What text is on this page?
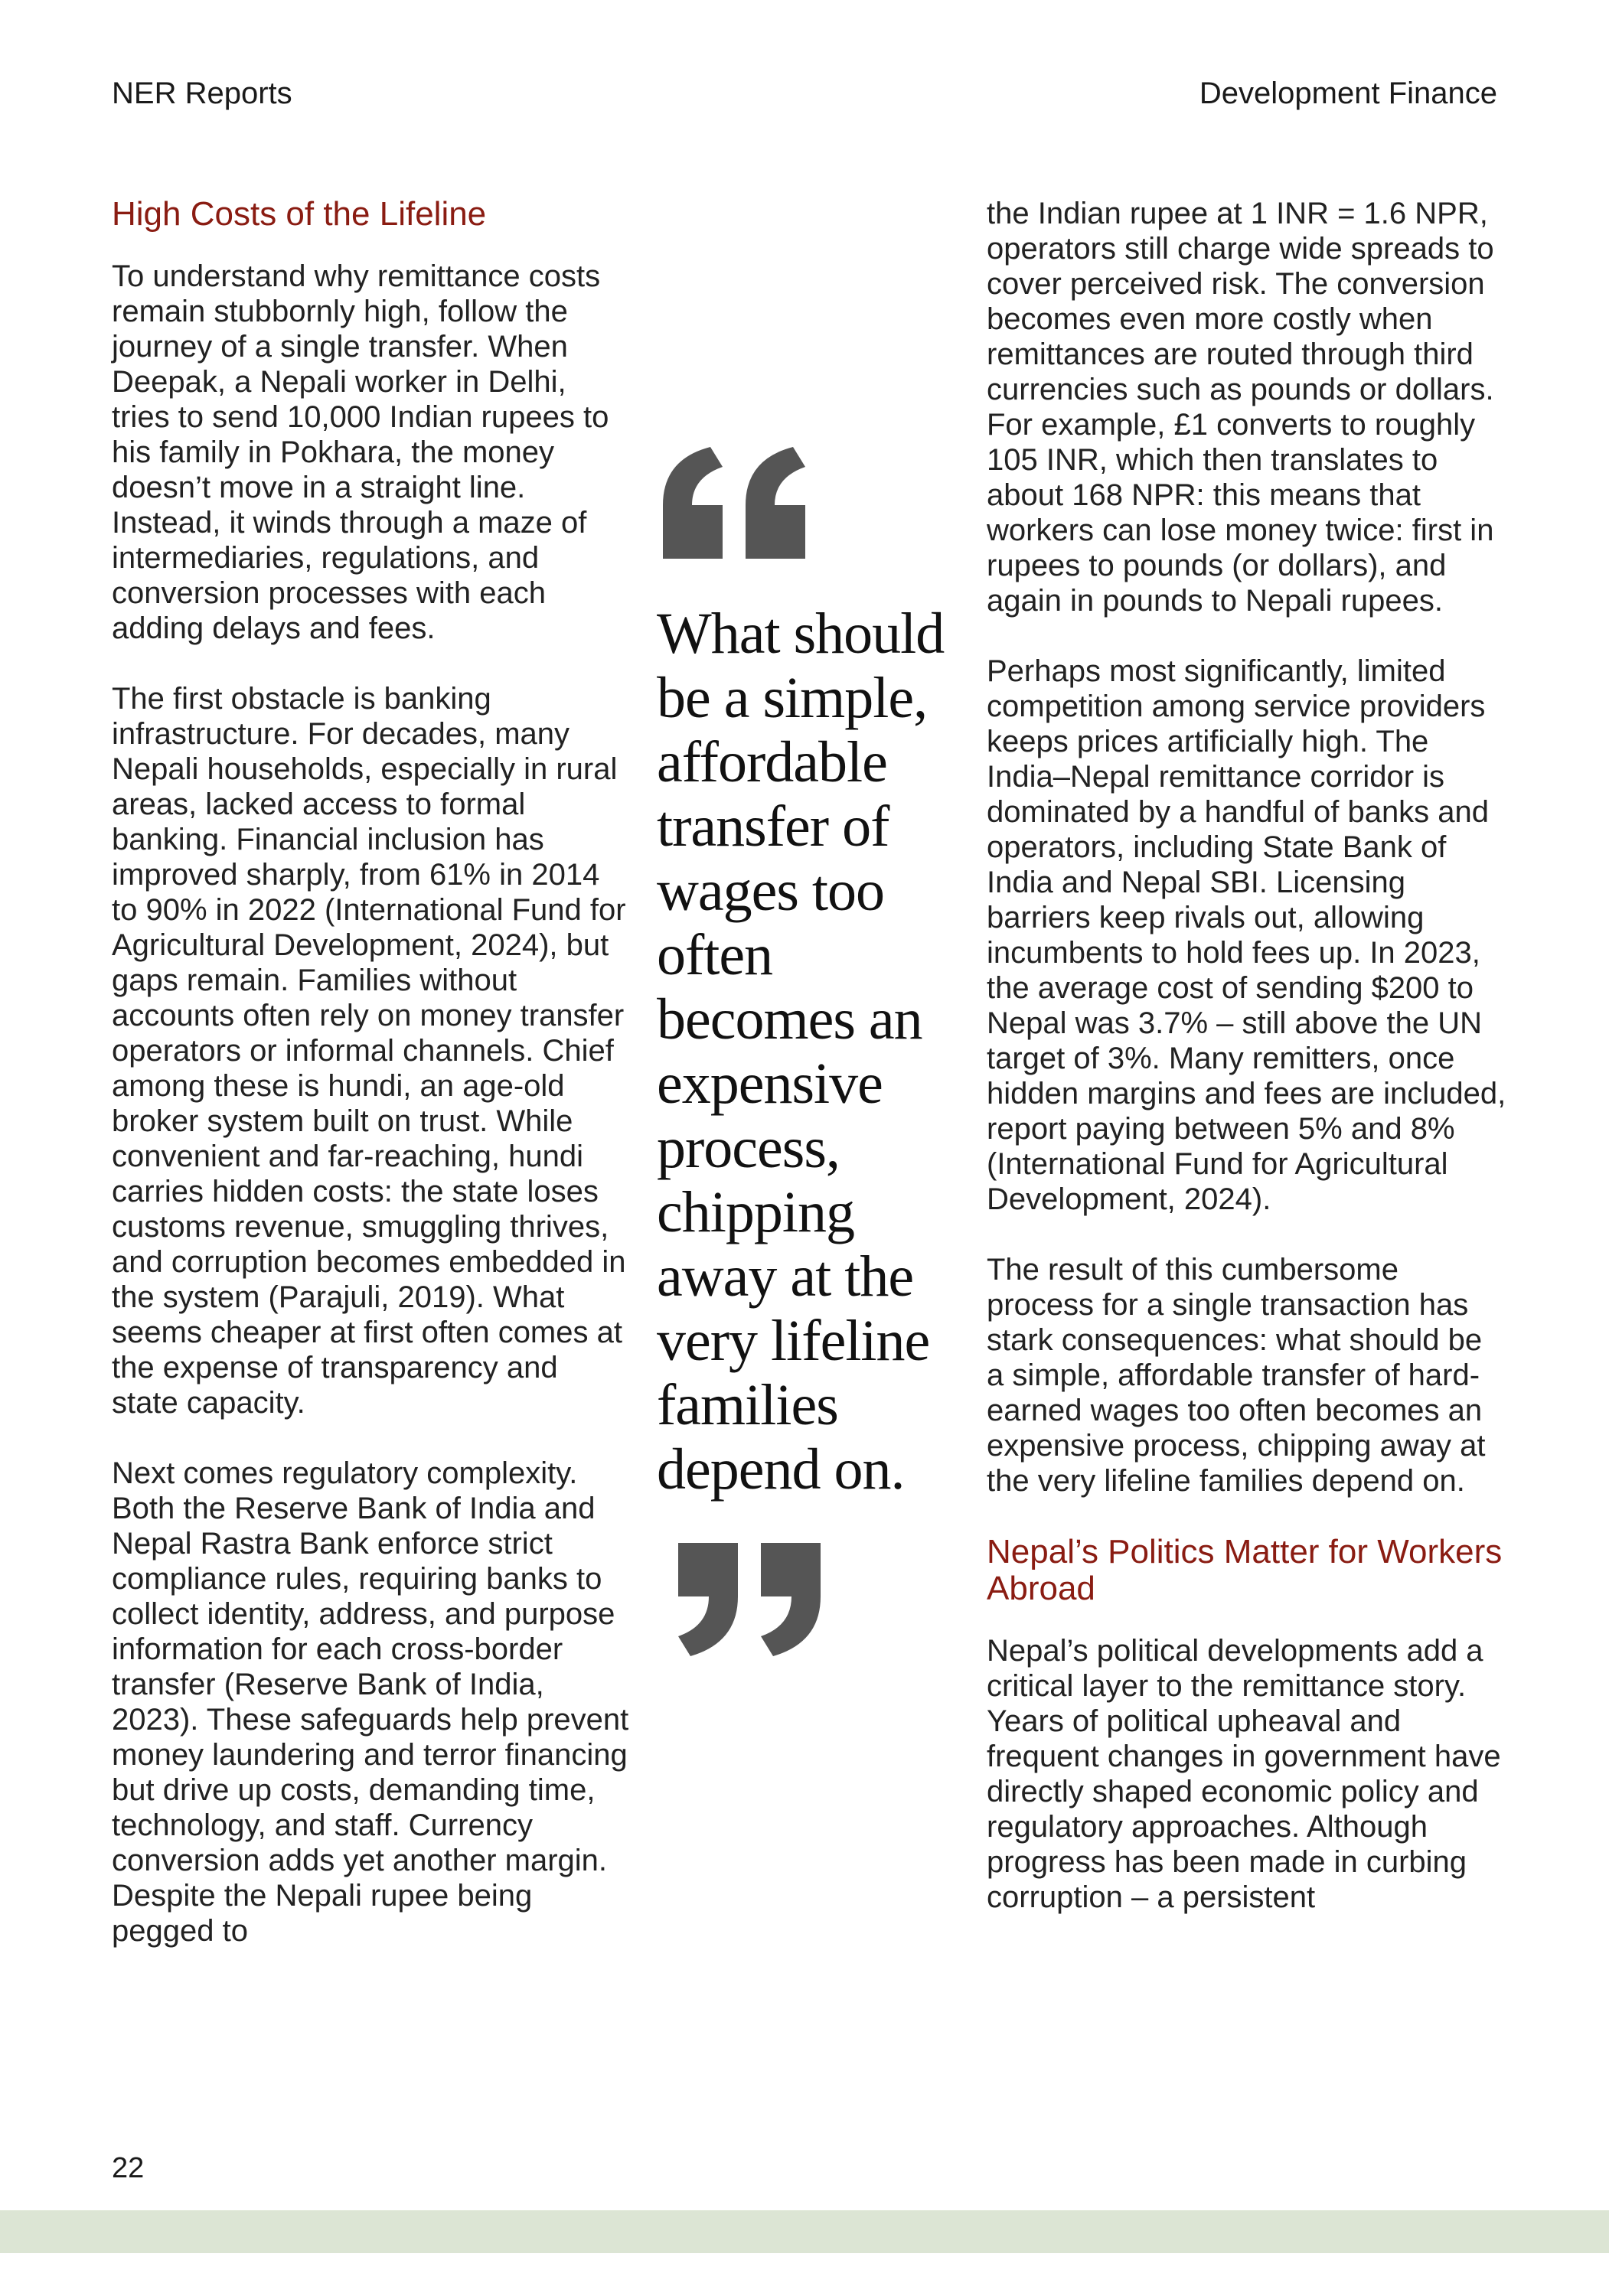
NER Reports	Development Finance
High Costs of the Lifeline

To understand why remittance costs remain stubbornly high, follow the journey of a single transfer. When Deepak, a Nepali worker in Delhi, tries to send 10,000 Indian rupees to his family in Pokhara, the money doesn’t move in a straight line. Instead, it winds through a maze of intermediaries, regulations, and conversion processes with each adding delays and fees.

The first obstacle is banking infrastructure. For decades, many Nepali households, especially in rural areas, lacked access to formal banking. Financial inclusion has improved sharply, from 61% in 2014 to 90% in 2022 (International Fund for Agricultural Development, 2024), but gaps remain. Families without accounts often rely on money transfer operators or informal channels. Chief among these is hundi, an age-old broker system built on trust. While convenient and far-reaching, hundi carries hidden costs: the state loses customs revenue, smuggling thrives, and corruption becomes embedded in the system (Parajuli, 2019). What seems cheaper at first often comes at the expense of transparency and state capacity.

Next comes regulatory complexity. Both the Reserve Bank of India and Nepal Rastra Bank enforce strict compliance rules, requiring banks to collect identity, address, and purpose information for each cross-border transfer (Reserve Bank of India, 2023). These safeguards help prevent money laundering and terror financing but drive up costs, demanding time, technology, and staff. Currency conversion adds yet another margin. Despite the Nepali rupee being pegged to

What should be a simple, affordable transfer of wages too often becomes an expensive process, chipping away at the very lifeline families depend on.

the Indian rupee at 1 INR = 1.6 NPR, operators still charge wide spreads to cover perceived risk. The conversion becomes even more costly when remittances are routed through third currencies such as pounds or dollars. For example, £1 converts to roughly 105 INR, which then translates to about 168 NPR: this means that workers can lose money twice: first in rupees to pounds (or dollars), and again in pounds to Nepali rupees.

Perhaps most significantly, limited competition among service providers keeps prices artificially high. The India–Nepal remittance corridor is dominated by a handful of banks and operators, including State Bank of India and Nepal SBI. Licensing barriers keep rivals out, allowing incumbents to hold fees up. In 2023, the average cost of sending $200 to Nepal was 3.7% – still above the UN target of 3%. Many remitters, once hidden margins and fees are included, report paying between 5% and 8% (International Fund for Agricultural Development, 2024).

The result of this cumbersome process for a single transaction has stark consequences: what should be a simple, affordable transfer of hard-earned wages too often becomes an expensive process, chipping away at the very lifeline families depend on.

Nepal’s Politics Matter for Workers Abroad

Nepal’s political developments add a critical layer to the remittance story. Years of political upheaval and frequent changes in government have directly shaped economic policy and regulatory approaches. Although progress has been made in curbing corruption – a persistent

22
